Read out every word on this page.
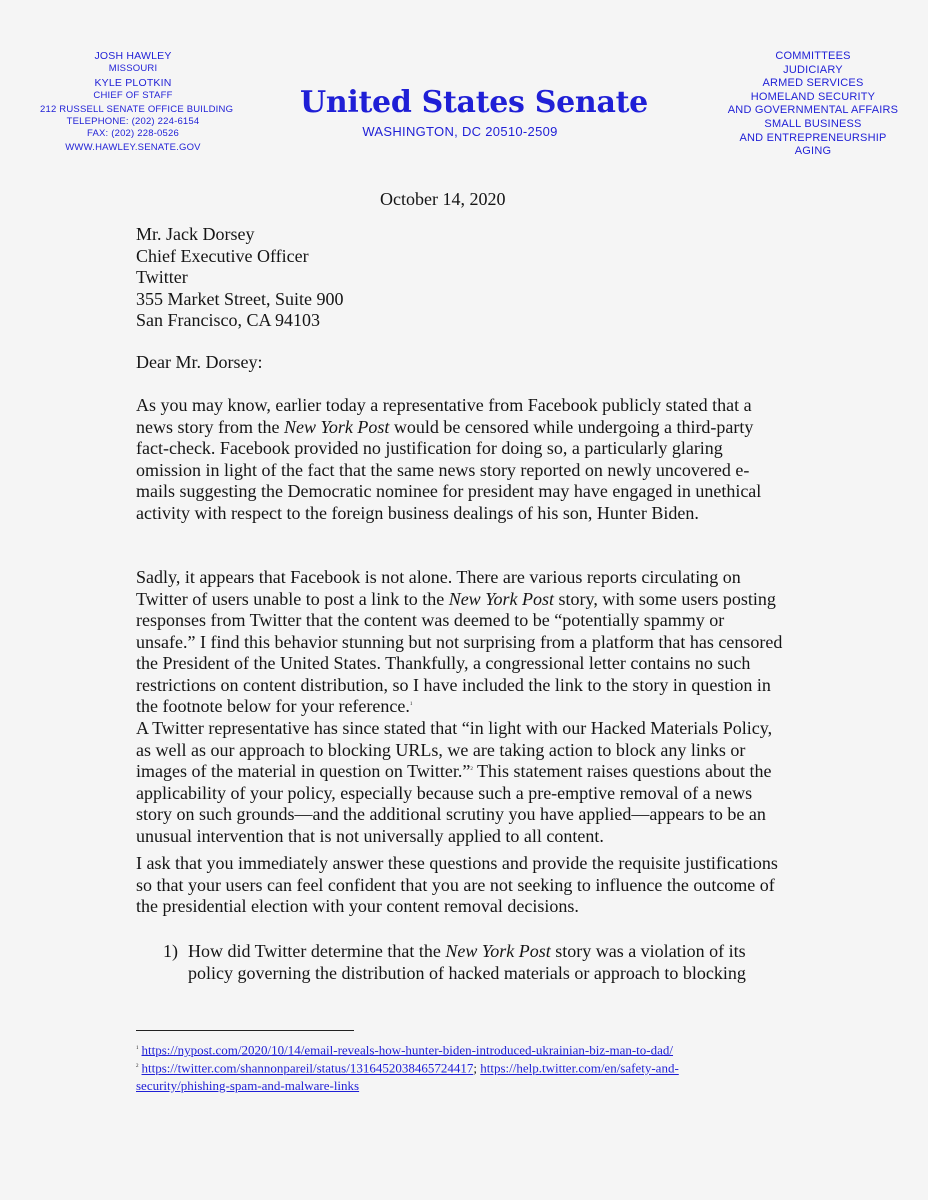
JOSH HAWLEY
MISSOURI
KYLE PLOTKIN
CHIEF OF STAFF
212 RUSSELL SENATE OFFICE BUILDING
TELEPHONE: (202) 224-6154
FAX: (202) 228-0526
WWW.HAWLEY.SENATE.GOV
United States Senate
WASHINGTON, DC 20510-2509
COMMITTEES
JUDICIARY
ARMED SERVICES
HOMELAND SECURITY
AND GOVERNMENTAL AFFAIRS
SMALL BUSINESS
AND ENTREPRENEURSHIP
AGING
October 14, 2020
Mr. Jack Dorsey
Chief Executive Officer
Twitter
355 Market Street, Suite 900
San Francisco, CA 94103
Dear Mr. Dorsey:
As you may know, earlier today a representative from Facebook publicly stated that a
news story from the New York Post would be censored while undergoing a third-party
fact-check. Facebook provided no justification for doing so, a particularly glaring
omission in light of the fact that the same news story reported on newly uncovered e-
mails suggesting the Democratic nominee for president may have engaged in unethical
activity with respect to the foreign business dealings of his son, Hunter Biden.
Sadly, it appears that Facebook is not alone. There are various reports circulating on
Twitter of users unable to post a link to the New York Post story, with some users posting
responses from Twitter that the content was deemed to be “potentially spammy or
unsafe.” I find this behavior stunning but not surprising from a platform that has censored
the President of the United States. Thankfully, a congressional letter contains no such
restrictions on content distribution, so I have included the link to the story in question in
the footnote below for your reference.$^1$
A Twitter representative has since stated that “in light with our Hacked Materials Policy,
as well as our approach to blocking URLs, we are taking action to block any links or
images of the material in question on Twitter.”$^2$ This statement raises questions about the
applicability of your policy, especially because such a pre-emptive removal of a news
story on such grounds—and the additional scrutiny you have applied—appears to be an
unusual intervention that is not universally applied to all content.
I ask that you immediately answer these questions and provide the requisite justifications
so that your users can feel confident that you are not seeking to influence the outcome of
the presidential election with your content removal decisions.
1) How did Twitter determine that the New York Post story was a violation of its
policy governing the distribution of hacked materials or approach to blocking
$^1$ https://nypost.com/2020/10/14/email-reveals-how-hunter-biden-introduced-ukrainian-biz-man-to-dad/
$^2$ https://twitter.com/shannonpareil/status/1316452038465724417; https://help.twitter.com/en/safety-and-
security/phishing-spam-and-malware-links
